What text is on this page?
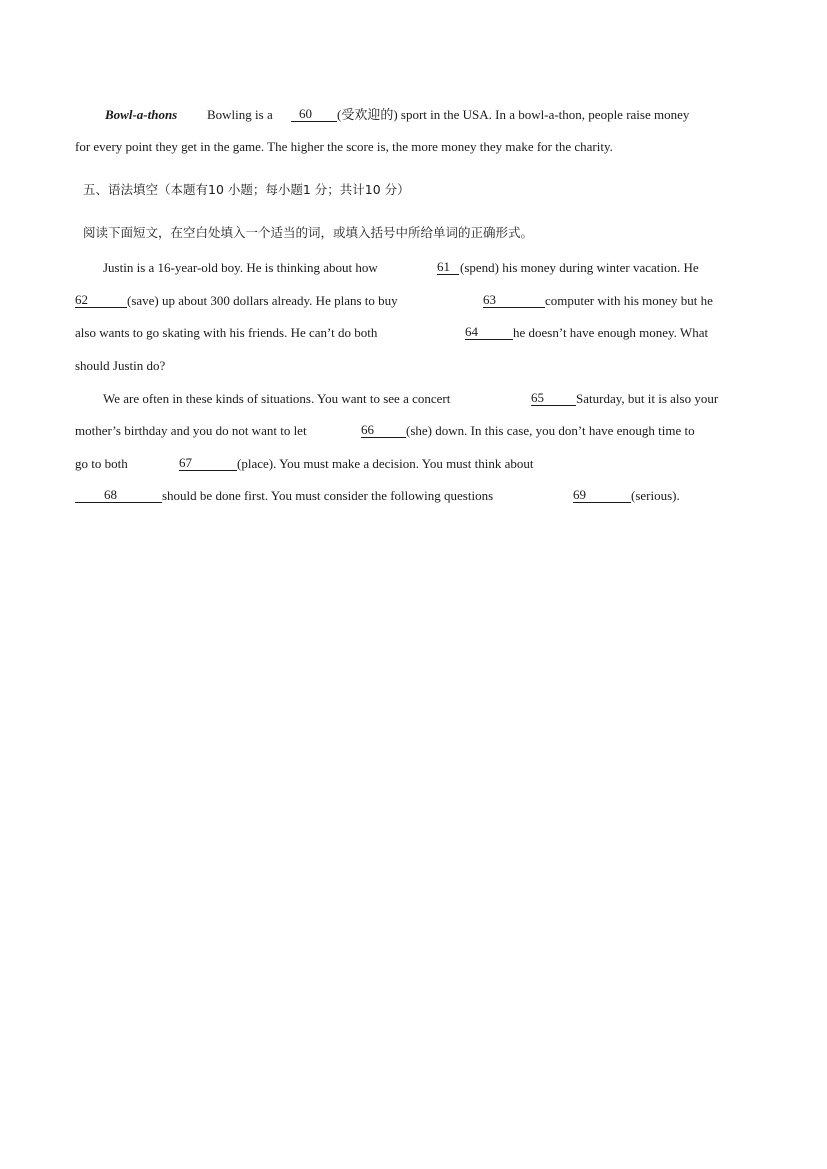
Bowl-a-thons Bowling is a	60	(受欢迎的) sport in the USA. In a bowl-a-thon, people raise money
for every point they get in the game. The higher the score is, the more money they make for the charity.
五、语法填空（本题有10 小题；每小题1 分；共计10 分）
阅读下面短文，在空白处填入一个适当的词，或填入括号中所给单词的正确形式。
Justin is a 16-year-old boy. He is thinking about how	61 (spend) his money during winter vacation. He
62	(save) up about 300 dollars already. He plans to buy	63	computer with his money but he
also wants to go skating with his friends. He can’t do both	64	he doesn’t have enough money. What
should Justin do?
We are often in these kinds of situations. You want to see a concert	65	Saturday, but it is also your
mother’s birthday and you do not want to let	66	(she) down. In this case, you don’t have enough time to
go to both	67	(place). You must make a decision. You must think about
68	should be done first. You must consider the following questions	69	(serious).
